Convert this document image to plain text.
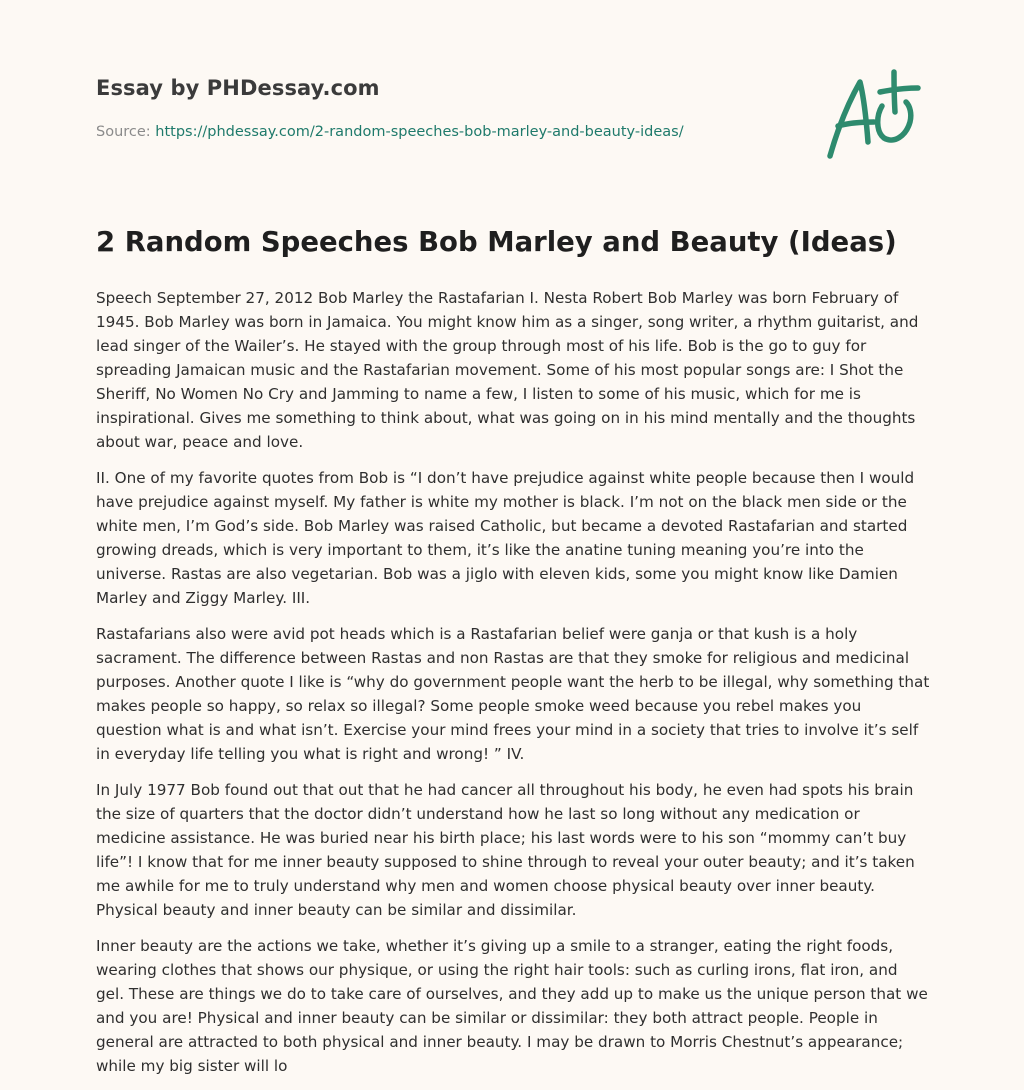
Essay by PHDessay.com
Source: https://phdessay.com/2-random-speeches-bob-marley-and-beauty-ideas/
2 Random Speeches Bob Marley and Beauty (Ideas)

Speech September 27, 2012 Bob Marley the Rastafarian I. Nesta Robert Bob Marley was born February of 1945. Bob Marley was born in Jamaica. You might know him as a singer, song writer, a rhythm guitarist, and lead singer of the Wailer’s. He stayed with the group through most of his life. Bob is the go to guy for spreading Jamaican music and the Rastafarian movement. Some of his most popular songs are: I Shot the Sheriff, No Women No Cry and Jamming to name a few, I listen to some of his music, which for me is inspirational. Gives me something to think about, what was going on in his mind mentally and the thoughts about war, peace and love.

II. One of my favorite quotes from Bob is “I don’t have prejudice against white people because then I would have prejudice against myself. My father is white my mother is black. I’m not on the black men side or the white men, I’m God’s side. Bob Marley was raised Catholic, but became a devoted Rastafarian and started growing dreads, which is very important to them, it’s like the anatine tuning meaning you’re into the universe. Rastas are also vegetarian. Bob was a jiglo with eleven kids, some you might know like Damien Marley and Ziggy Marley. III.

Rastafarians also were avid pot heads which is a Rastafarian belief were ganja or that kush is a holy sacrament. The difference between Rastas and non Rastas are that they smoke for religious and medicinal purposes. Another quote I like is “why do government people want the herb to be illegal, why something that makes people so happy, so relax so illegal? Some people smoke weed because you rebel makes you question what is and what isn’t. Exercise your mind frees your mind in a society that tries to involve it’s self in everyday life telling you what is right and wrong! ” IV.

In July 1977 Bob found out that out that he had cancer all throughout his body, he even had spots his brain the size of quarters that the doctor didn’t understand how he last so long without any medication or medicine assistance. He was buried near his birth place; his last words were to his son “mommy can’t buy life”! I know that for me inner beauty supposed to shine through to reveal your outer beauty; and it’s taken me awhile for me to truly understand why men and women choose physical beauty over inner beauty. Physical beauty and inner beauty can be similar and dissimilar.

Inner beauty are the actions we take, whether it’s giving up a smile to a stranger, eating the right foods, wearing clothes that shows our physique, or using the right hair tools: such as curling irons, flat iron, and gel. These are things we do to take care of ourselves, and they add up to make us the unique person that we and you are! Physical and inner beauty can be similar or dissimilar: they both attract people. People in general are attracted to both physical and inner beauty. I may be drawn to Morris Chestnut’s appearance; while my big sister will lo
